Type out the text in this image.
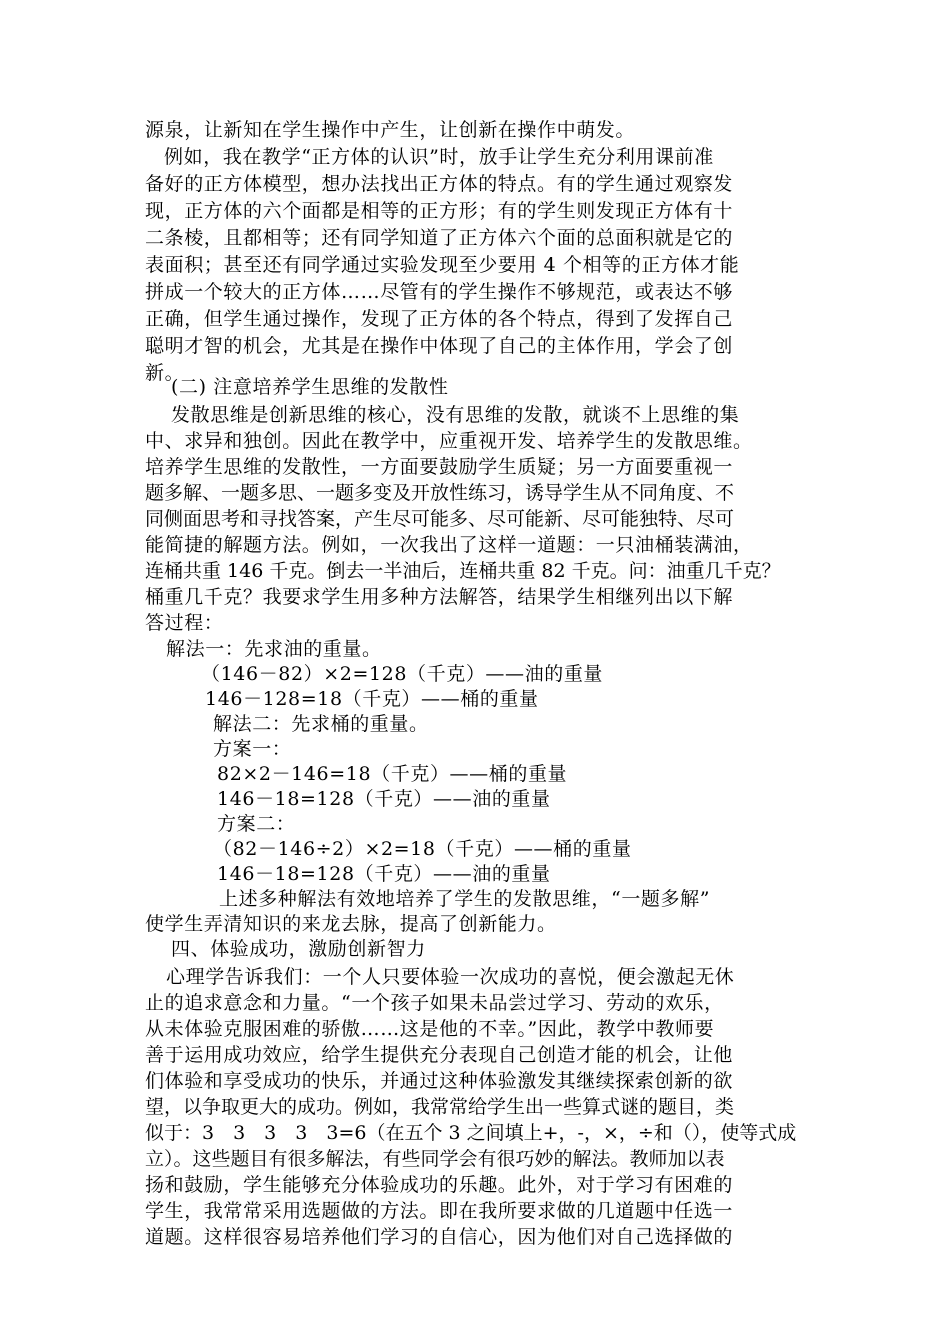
源泉，让新知在学生操作中产生，让创新在操作中萌发。
例如，我在教学“正方体的认识”时，放手让学生充分利用课前准
备好的正方体模型，想办法找出正方体的特点。有的学生通过观察发
现，正方体的六个面都是相等的正方形；有的学生则发现正方体有十
二条棱，且都相等；还有同学知道了正方体六个面的总面积就是它的
表面积；甚至还有同学通过实验发现至少要用 4 个相等的正方体才能
拼成一个较大的正方体……尽管有的学生操作不够规范，或表达不够
正确，但学生通过操作，发现了正方体的各个特点，得到了发挥自己
聪明才智的机会，尤其是在操作中体现了自己的主体作用，学会了创
新。
(二) 注意培养学生思维的发散性
发散思维是创新思维的核心，没有思维的发散，就谈不上思维的集
中、求异和独创。因此在教学中，应重视开发、培养学生的发散思维。
培养学生思维的发散性，一方面要鼓励学生质疑；另一方面要重视一
题多解、一题多思、一题多变及开放性练习，诱导学生从不同角度、不
同侧面思考和寻找答案，产生尽可能多、尽可能新、尽可能独特、尽可
能简捷的解题方法。例如，一次我出了这样一道题：一只油桶装满油，
连桶共重 146 千克。倒去一半油后，连桶共重 82 千克。问：油重几千克？
桶重几千克？我要求学生用多种方法解答，结果学生相继列出以下解
答过程：
解法一：先求油的重量。
（146－82）×2=128（千克）——油的重量
146－128=18（千克）——桶的重量
解法二：先求桶的重量。
方案一：
82×2－146=18（千克）——桶的重量
146－18=128（千克）——油的重量
方案二：
（82－146÷2）×2=18（千克）——桶的重量
146－18=128（千克）——油的重量
上述多种解法有效地培养了学生的发散思维，“一题多解”
使学生弄清知识的来龙去脉，提高了创新能力。
四、体验成功，激励创新智力
心理学告诉我们：一个人只要体验一次成功的喜悦，便会激起无休
止的追求意念和力量。“一个孩子如果未品尝过学习、劳动的欢乐，
从未体验克服困难的骄傲……这是他的不幸。”因此，教学中教师要
善于运用成功效应，给学生提供充分表现自己创造才能的机会，让他
们体验和享受成功的快乐，并通过这种体验激发其继续探索创新的欲
望，以争取更大的成功。例如，我常常给学生出一些算式谜的题目，类
似于：3　3　3　3　3=6（在五个 3 之间填上+，-，×，÷和（），使等式成
立）。这些题目有很多解法，有些同学会有很巧妙的解法。教师加以表
扬和鼓励，学生能够充分体验成功的乐趣。此外，对于学习有困难的
学生，我常常采用选题做的方法。即在我所要求做的几道题中任选一
道题。这样很容易培养他们学习的自信心，因为他们对自己选择做的
